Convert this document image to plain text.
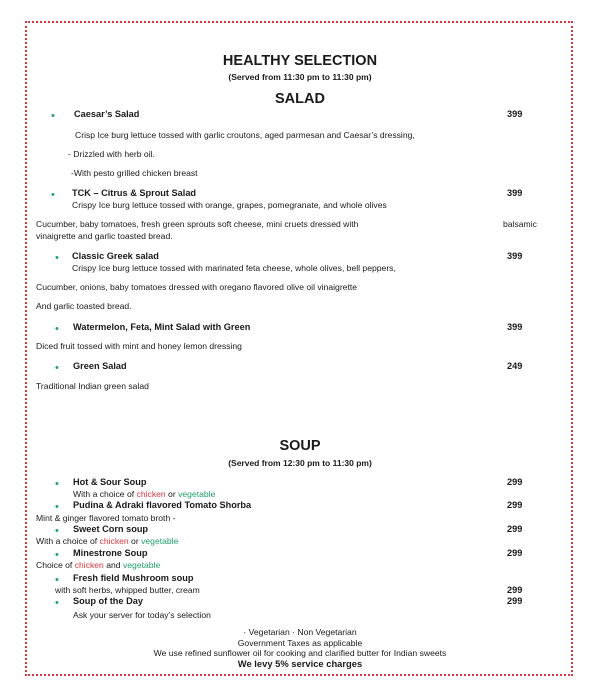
HEALTHY SELECTION
(Served from 11:30 pm to 11:30 pm)
SALAD
• Caesar’s Salad	399
Crisp Ice burg lettuce tossed with garlic croutons, aged parmesan and Caesar’s dressing,
- Drizzled with herb oil.
-With pesto grilled chicken breast
• TCK – Citrus & Sprout Salad	399
Crispy Ice burg lettuce tossed with orange, grapes, pomegranate, and whole olives
Cucumber, baby tomatoes, fresh green sprouts soft cheese, mini cruets dressed with	balsamic
vinaigrette and garlic toasted bread.
• Classic Greek salad	399
Crispy Ice burg lettuce tossed with marinated feta cheese, whole olives, bell peppers,
Cucumber, onions, baby tomatoes dressed with oregano flavored olive oil vinaigrette
And garlic toasted bread.
• Watermelon, Feta, Mint Salad with Green	399
Diced fruit tossed with mint and honey lemon dressing
• Green Salad	249
Traditional Indian green salad
SOUP
(Served from 12:30 pm to 11:30 pm)
• Hot & Sour Soup	299
With a choice of chicken or vegetable
• Pudina & Adraki flavored Tomato Shorba	299
Mint & ginger flavored tomato broth -
• Sweet Corn soup	299
With a choice of chicken or vegetable
• Minestrone Soup	299
Choice of chicken and vegetable
• Fresh field Mushroom soup
with soft herbs, whipped butter, cream	299
• Soup of the Day	299
Ask your server for today’s selection
· Vegetarian · Non Vegetarian
Government Taxes as applicable
We use refined sunflower oil for cooking and clarified butter for Indian sweets
We levy 5% service charges
